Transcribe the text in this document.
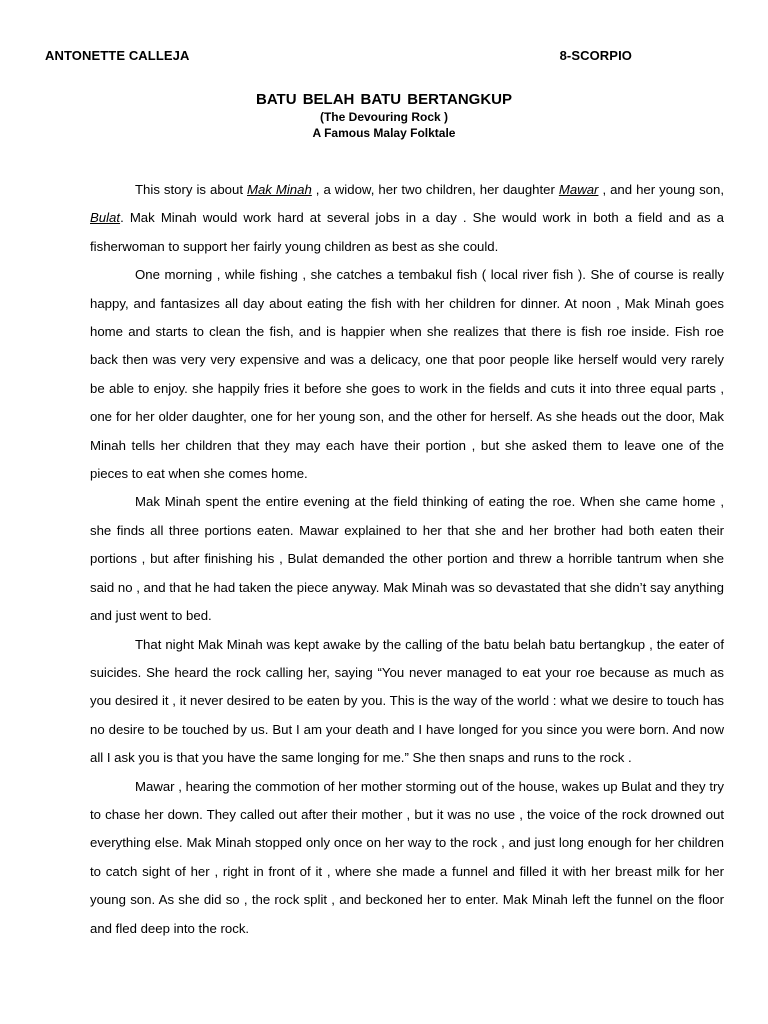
ANTONETTE CALLEJA	8-SCORPIO
BATU BELAH BATU BERTANGKUP
(The Devouring Rock )
A Famous Malay Folktale

This story is about Mak Minah , a widow, her two children, her daughter Mawar , and her young son, Bulat. Mak Minah would work hard at several jobs in a day . She would work in both a field and as a fisherwoman to support her fairly young children as best as she could.

One morning , while fishing , she catches a tembakul fish ( local river fish ). She of course is really happy, and fantasizes all day about eating the fish with her children for dinner. At noon , Mak Minah goes home and starts to clean the fish, and is happier when she realizes that there is fish roe inside. Fish roe back then was very very expensive and was a delicacy, one that poor people like herself would very rarely be able to enjoy. she happily fries it before she goes to work in the fields and cuts it into three equal parts , one for her older daughter, one for her young son, and the other for herself. As she heads out the door, Mak Minah tells her children that they may each have their portion , but she asked them to leave one of the pieces to eat when she comes home.

Mak Minah spent the entire evening at the field thinking of eating the roe. When she came home , she finds all three portions eaten. Mawar explained to her that she and her brother had both eaten their portions , but after finishing his , Bulat demanded the other portion and threw a horrible tantrum when she said no , and that he had taken the piece anyway. Mak Minah was so devastated that she didn’t say anything and just went to bed.

That night Mak Minah was kept awake by the calling of the batu belah batu bertangkup , the eater of suicides. She heard the rock calling her, saying “You never managed to eat your roe because as much as you desired it , it never desired to be eaten by you. This is the way of the world : what we desire to touch has no desire to be touched by us. But I am your death and I have longed for you since you were born. And now all I ask you is that you have the same longing for me.” She then snaps and runs to the rock .

Mawar , hearing the commotion of her mother storming out of the house, wakes up Bulat and they try to chase her down. They called out after their mother , but it was no use , the voice of the rock drowned out everything else. Mak Minah stopped only once on her way to the rock , and just long enough for her children to catch sight of her , right in front of it , where she made a funnel and filled it with her breast milk for her young son. As she did so , the rock split , and beckoned her to enter. Mak Minah left the funnel on the floor and fled deep into the rock.
